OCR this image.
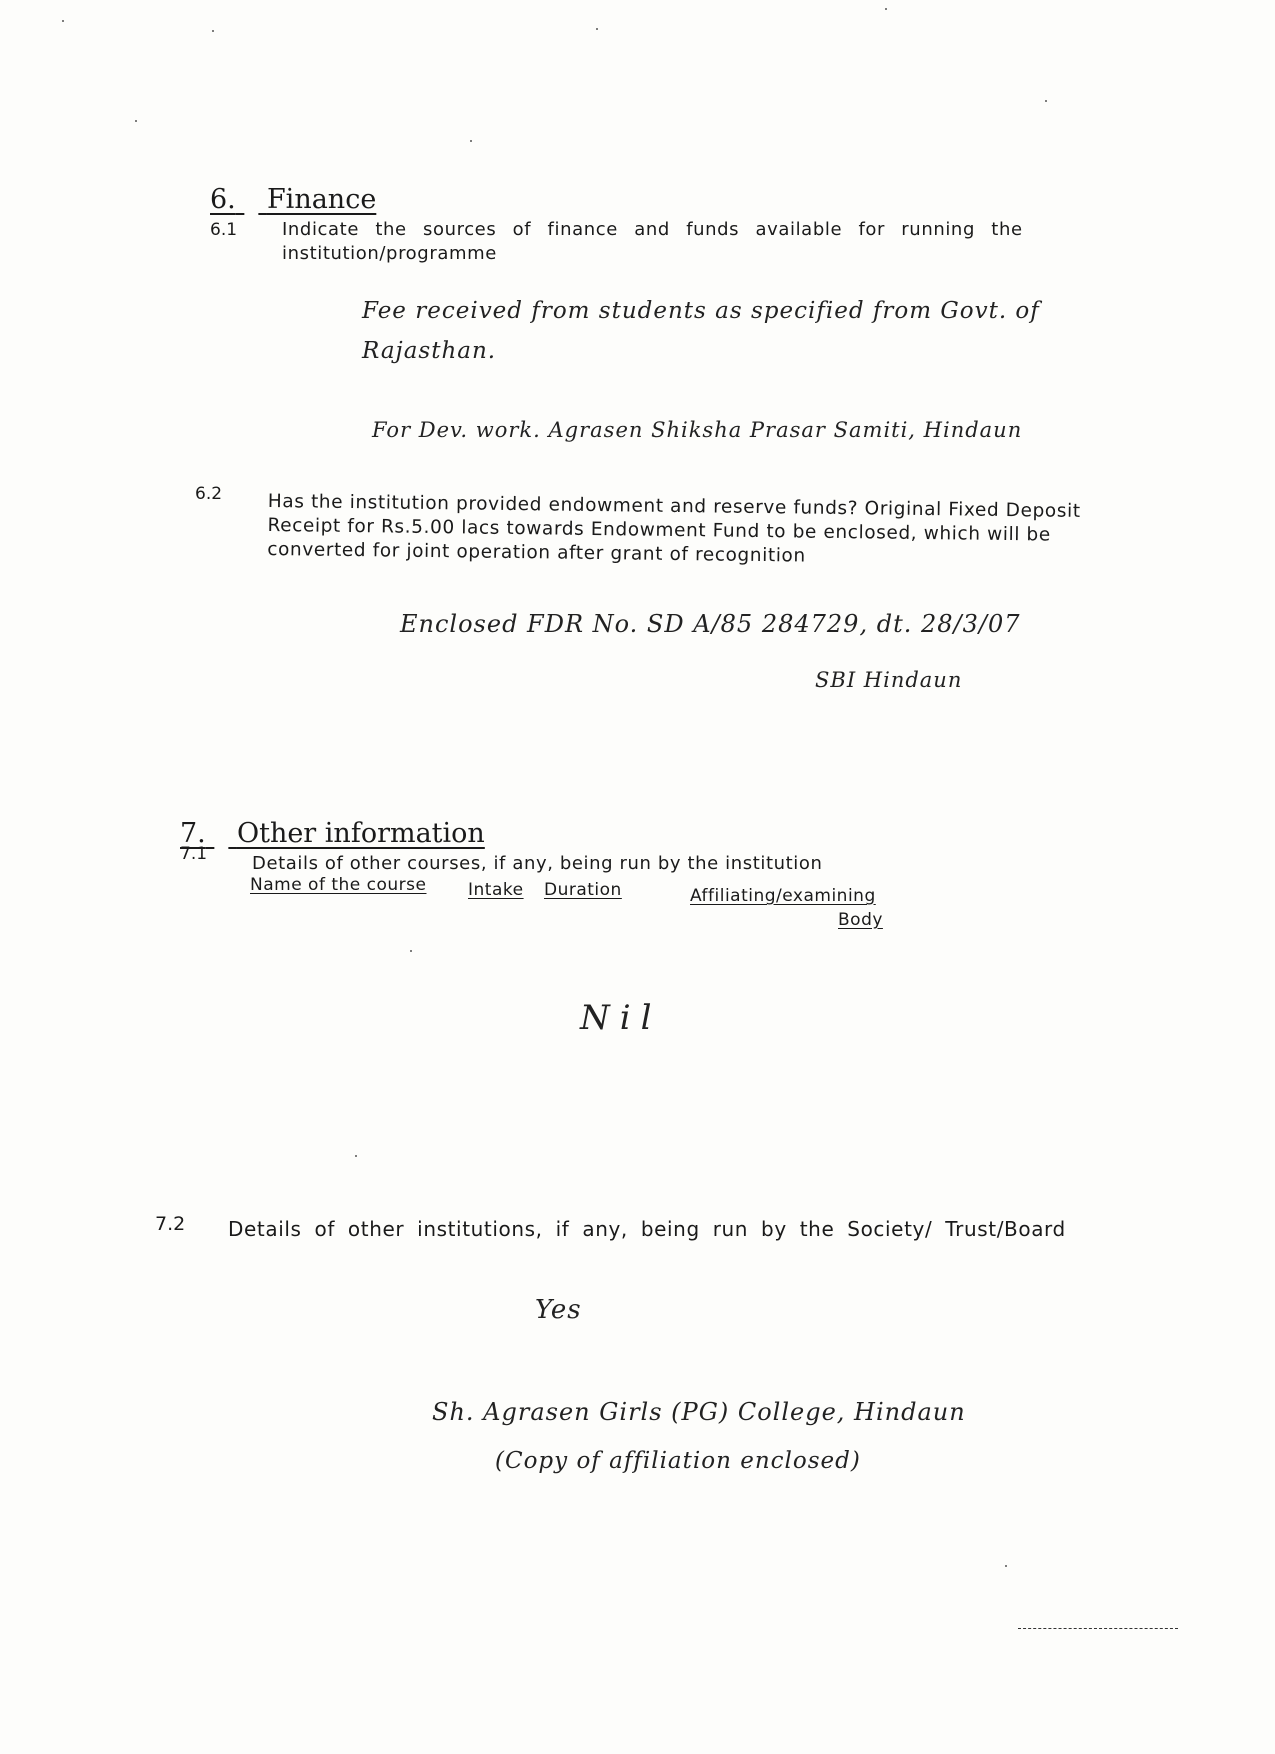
6. Finance
6.1 Indicate the sources of finance and funds available for running the institution/programme
Fee received from students as specified from Govt. of
Rajasthan.
For Dev. work. Agrasen Shiksha Prasar Samiti, Hindaun
6.2 Has the institution provided endowment and reserve funds? Original Fixed Deposit Receipt for Rs.5.00 lacs towards Endowment Fund to be enclosed, which will be converted for joint operation after grant of recognition
Enclosed FDR No. SD A/85 284729, dt. 28/3/07
SBI Hindaun
7. Other information
7.1 Details of other courses, if any, being run by the institution
Name of the course Intake Duration	Affiliating/examining
Body
Nil
7.2 Details of other institutions, if any, being run by the Society/ Trust/Board
Yes
Sh. Agrasen Girls (PG) College, Hindaun
(Copy of affiliation enclosed)
